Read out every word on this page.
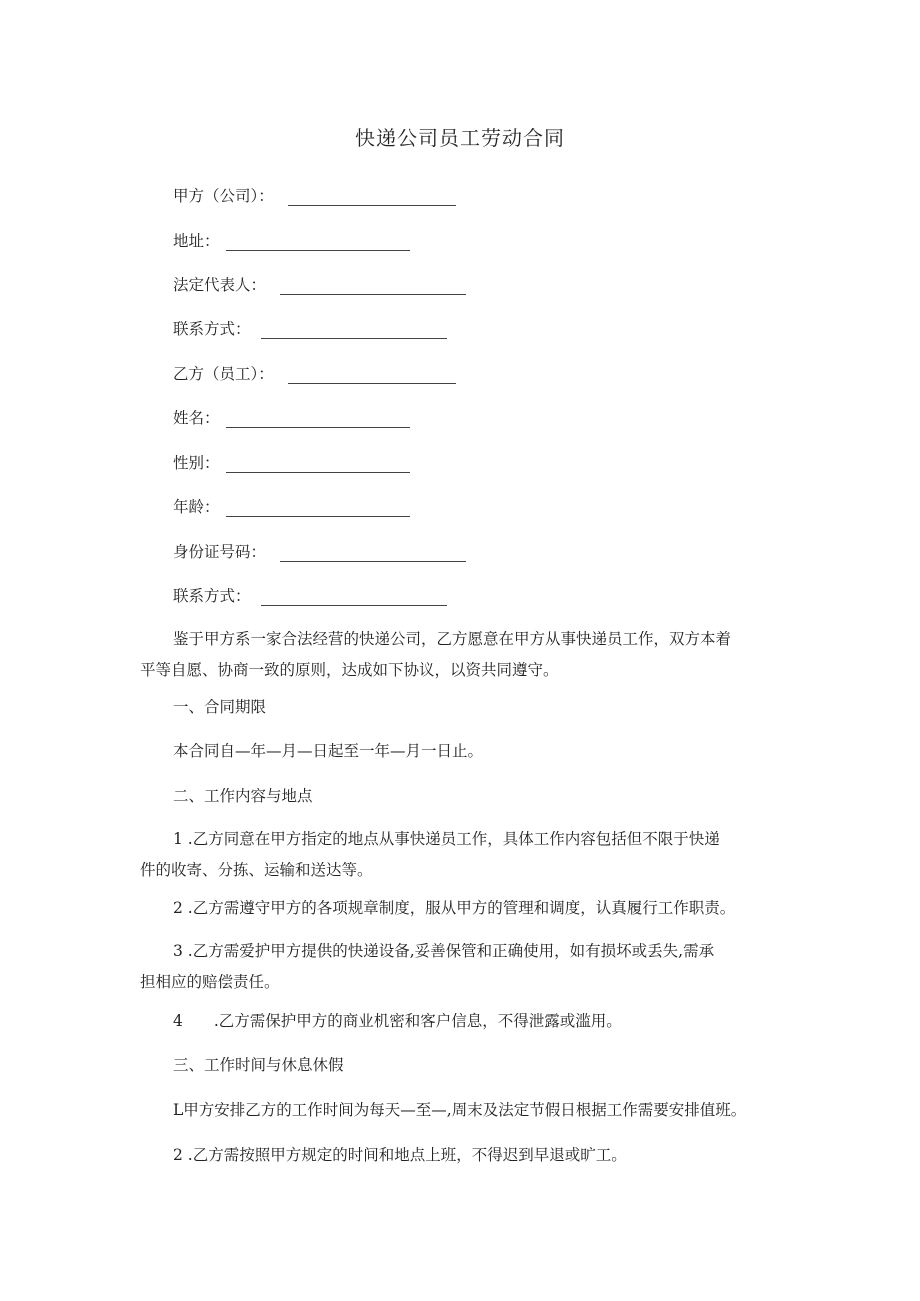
快递公司员工劳动合同
甲方（公司）：
地址：
法定代表人：
联系方式：
乙方（员工）：
姓名：
性别：
年龄：
身份证号码：
联系方式：
鉴于甲方系一家合法经营的快递公司，乙方愿意在甲方从事快递员工作，双方本着
平等自愿、协商一致的原则，达成如下协议，以资共同遵守。
一、合同期限
本合同自—年—月—日起至一年—月一日止。
二、工作内容与地点
1 .乙方同意在甲方指定的地点从事快递员工作，具体工作内容包括但不限于快递
件的收寄、分拣、运输和送达等。
2 .乙方需遵守甲方的各项规章制度，服从甲方的管理和调度，认真履行工作职责。
3 .乙方需爱护甲方提供的快递设备,妥善保管和正确使用，如有损坏或丢失,需承
担相应的赔偿责任。
4　　.乙方需保护甲方的商业机密和客户信息，不得泄露或滥用。
三、工作时间与休息休假
L甲方安排乙方的工作时间为每天—至—,周末及法定节假日根据工作需要安排值班。
2 .乙方需按照甲方规定的时间和地点上班，不得迟到早退或旷工。
